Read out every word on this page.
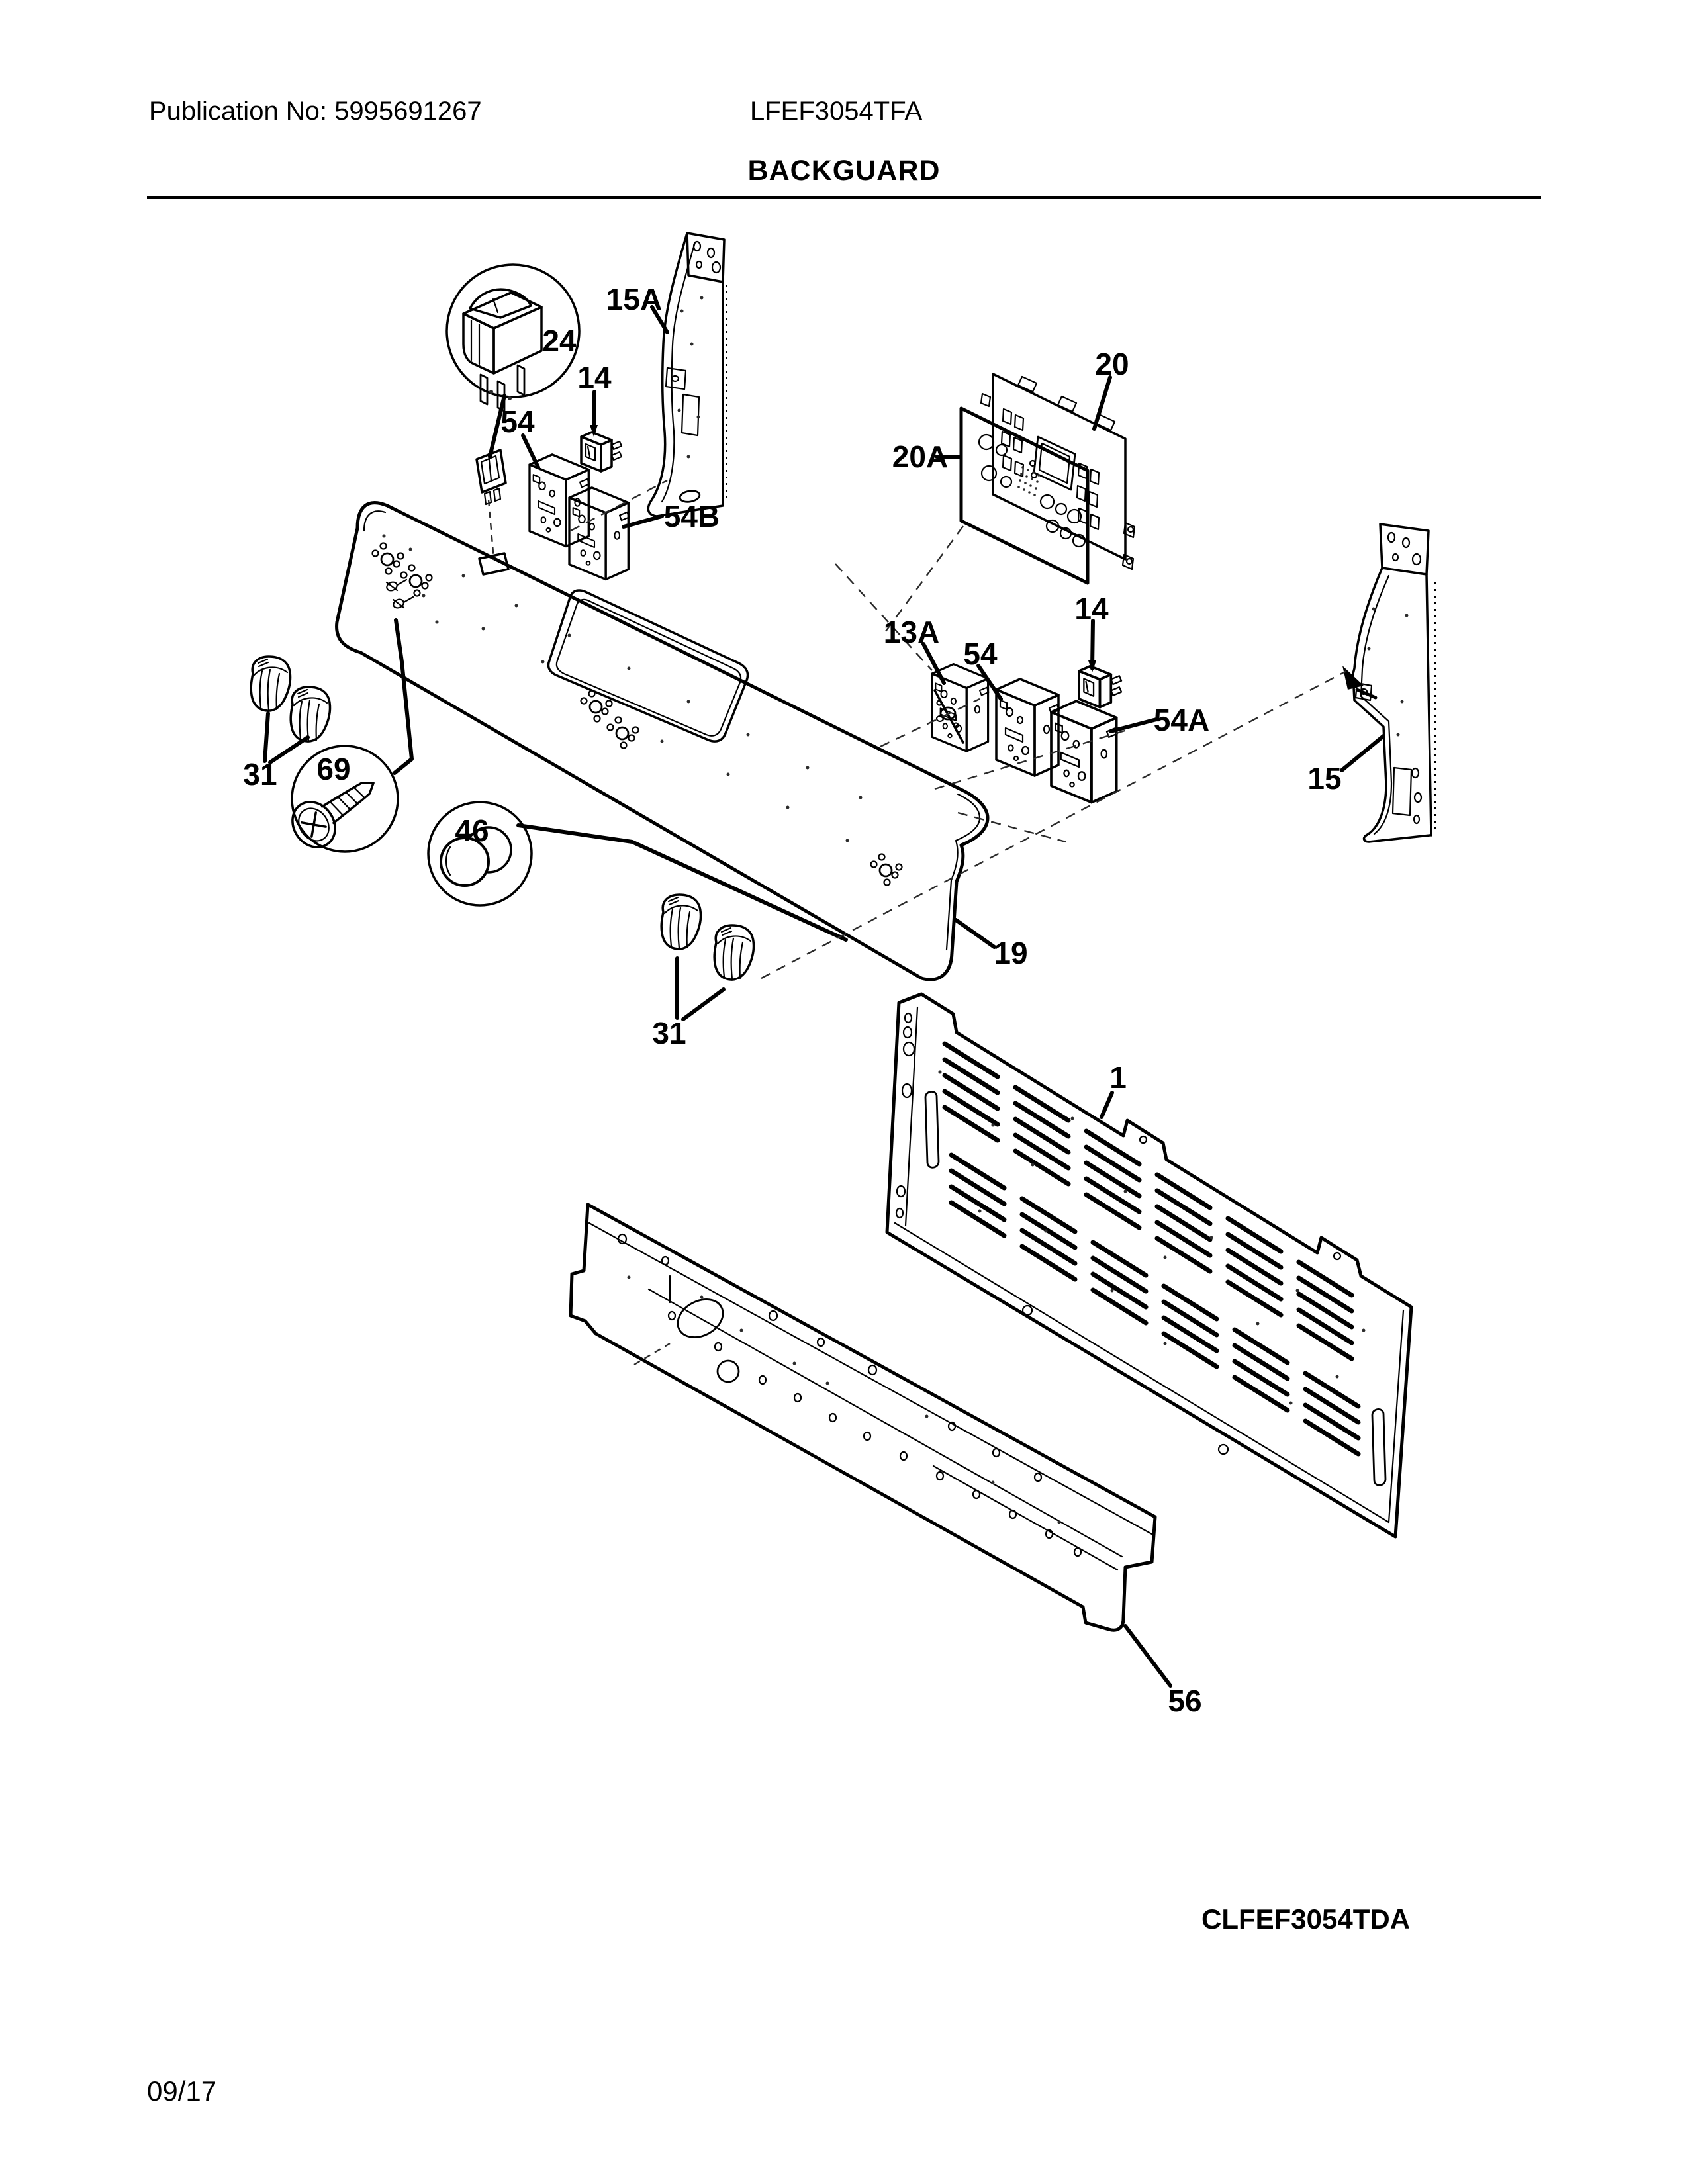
Publication No: 5995691267	LFEF3054TFA
BACKGUARD
CLFEF3054TDA
09/17
24
15A
14
54
54B
20
20A
13A
54
14
54A
15
31 69
46
19
31
1
56
